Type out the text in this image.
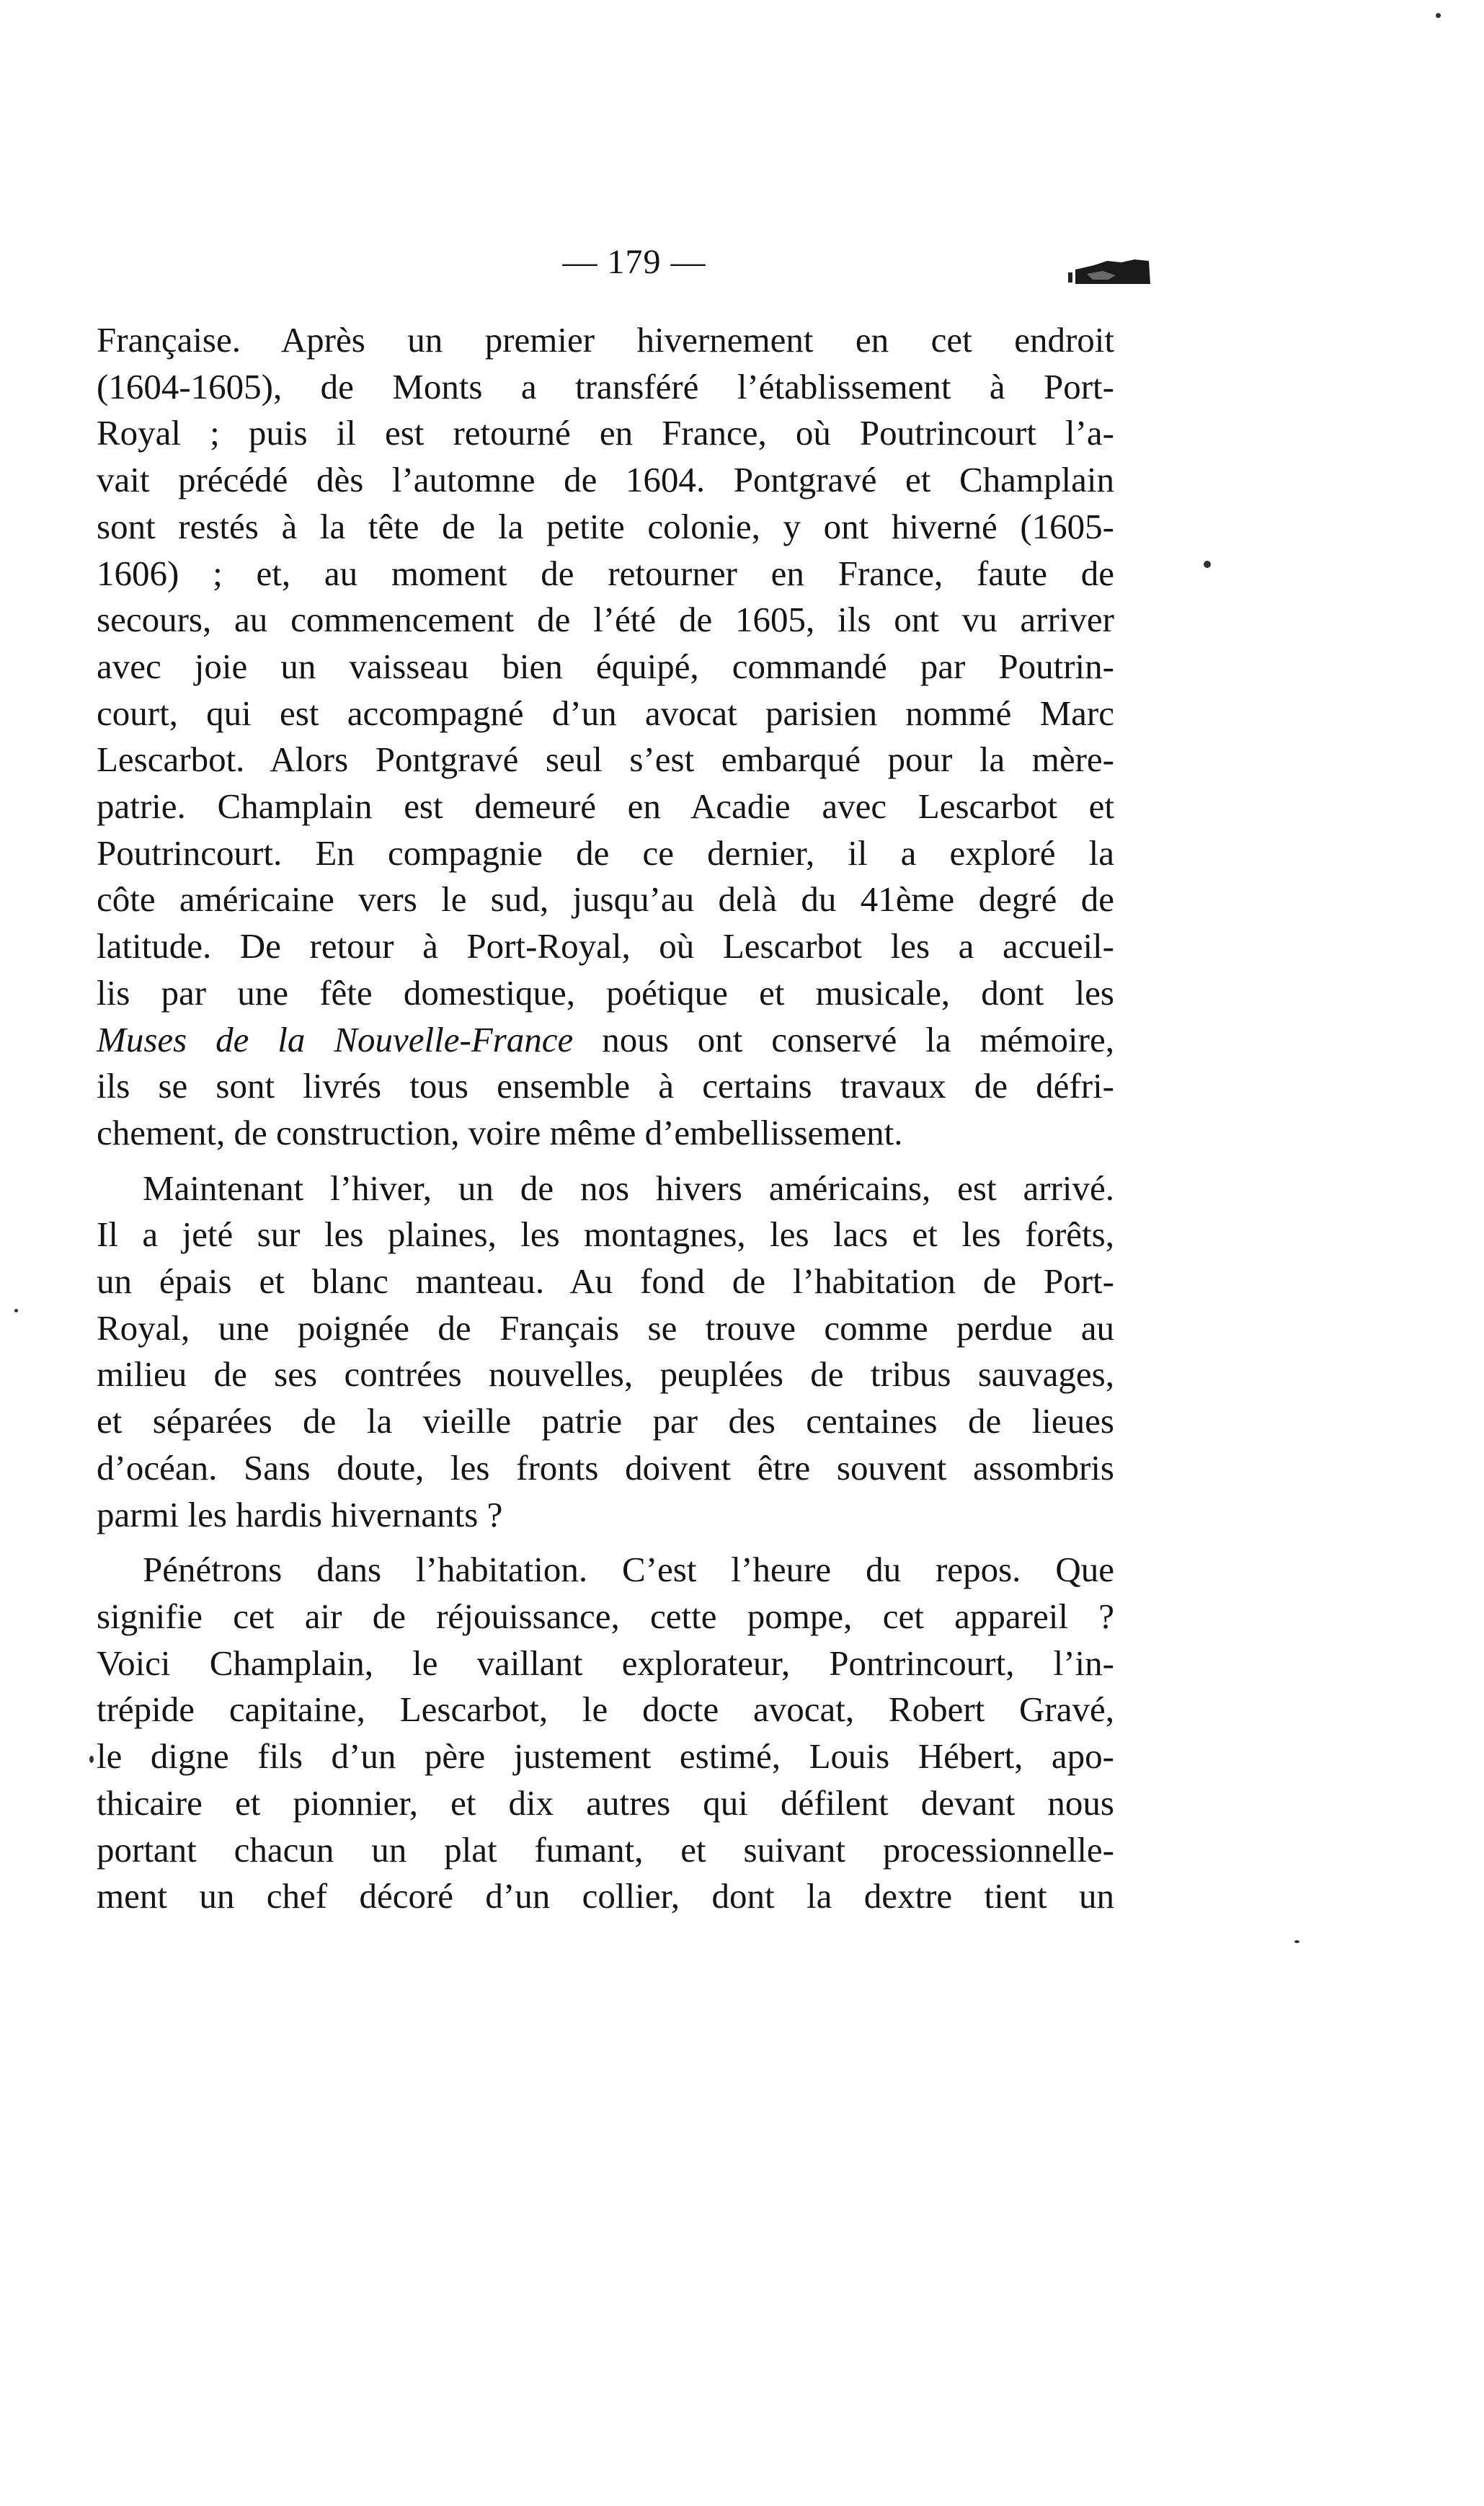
— 179 —
Française. Après un premier hivernement en cet endroit
(1604-1605), de Monts a transféré l’établissement à Port-
Royal ; puis il est retourné en France, où Poutrincourt l’a-
vait précédé dès l’automne de 1604. Pontgravé et Champlain
sont restés à la tête de la petite colonie, y ont hiverné (1605-
1606) ; et, au moment de retourner en France, faute de
secours, au commencement de l’été de 1605, ils ont vu arriver
avec joie un vaisseau bien équipé, commandé par Poutrin-
court, qui est accompagné d’un avocat parisien nommé Marc
Lescarbot. Alors Pontgravé seul s’est embarqué pour la mère-
patrie. Champlain est demeuré en Acadie avec Lescarbot et
Poutrincourt. En compagnie de ce dernier, il a exploré la
côte américaine vers le sud, jusqu’au delà du 41ème degré de
latitude. De retour à Port-Royal, où Lescarbot les a accueil-
lis par une fête domestique, poétique et musicale, dont les
Muses de la Nouvelle-France nous ont conservé la mémoire,
ils se sont livrés tous ensemble à certains travaux de défri-
chement, de construction, voire même d’embellissement.
Maintenant l’hiver, un de nos hivers américains, est arrivé.
Il a jeté sur les plaines, les montagnes, les lacs et les forêts,
un épais et blanc manteau. Au fond de l’habitation de Port-
Royal, une poignée de Français se trouve comme perdue au
milieu de ses contrées nouvelles, peuplées de tribus sauvages,
et séparées de la vieille patrie par des centaines de lieues
d’océan. Sans doute, les fronts doivent être souvent assombris
parmi les hardis hivernants ?
Pénétrons dans l’habitation. C’est l’heure du repos. Que
signifie cet air de réjouissance, cette pompe, cet appareil ?
Voici Champlain, le vaillant explorateur, Pontrincourt, l’in-
trépide capitaine, Lescarbot, le docte avocat, Robert Gravé,
le digne fils d’un père justement estimé, Louis Hébert, apo-
thicaire et pionnier, et dix autres qui défilent devant nous
portant chacun un plat fumant, et suivant processionnelle-
ment un chef décoré d’un collier, dont la dextre tient un
